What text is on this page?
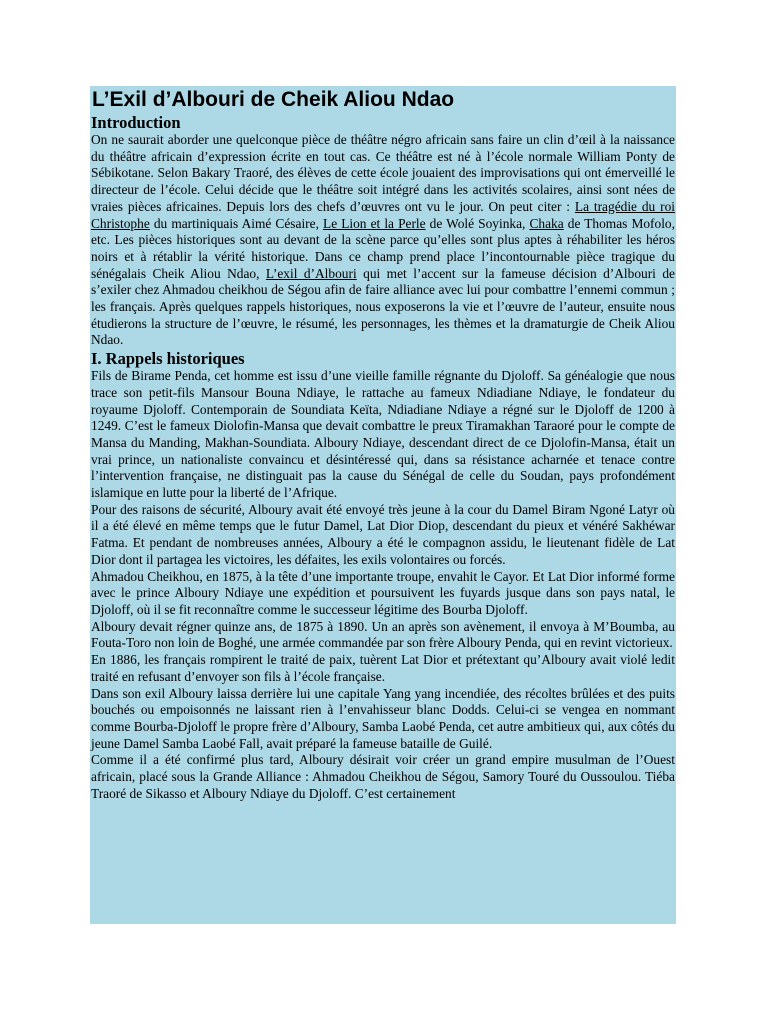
L’Exil d’Albouri de Cheik Aliou Ndao
Introduction

On ne saurait aborder une quelconque pièce de théâtre négro africain sans faire un clin d’œil à la naissance du théâtre africain d’expression écrite en tout cas. Ce théâtre est né à l’école normale William Ponty de Sébikotane. Selon Bakary Traoré, des élèves de cette école jouaient des improvisations qui ont émerveillé le directeur de l’école. Celui décide que le théâtre soit intégré dans les activités scolaires, ainsi sont nées de vraies pièces africaines. Depuis lors des chefs d’œuvres ont vu le jour. On peut citer : La tragédie du roi Christophe du martiniquais Aimé Césaire, Le Lion et la Perle de Wolé Soyinka, Chaka de Thomas Mofolo, etc. Les pièces historiques sont au devant de la scène parce qu’elles sont plus aptes à réhabiliter les héros noirs et à rétablir la vérité historique. Dans ce champ prend place l’incontournable pièce tragique du sénégalais Cheik Aliou Ndao, L’exil d’Albouri qui met l’accent sur la fameuse décision d’Albouri de s’exiler chez Ahmadou cheikhou de Ségou afin de faire alliance avec lui pour combattre l’ennemi commun ; les français. Après quelques rappels historiques, nous exposerons la vie et l’œuvre de l’auteur, ensuite nous étudierons la structure de l’œuvre, le résumé, les personnages, les thèmes et la dramaturgie de Cheik Aliou Ndao.

I. Rappels historiques

Fils de Birame Penda, cet homme est issu d’une vieille famille régnante du Djoloff. Sa généalogie que nous trace son petit-fils Mansour Bouna Ndiaye, le rattache au fameux Ndiadiane Ndiaye, le fondateur du royaume Djoloff. Contemporain de Soundiata Keïta, Ndiadiane Ndiaye a régné sur le Djoloff de 1200 à 1249. C’est le fameux Diolofin-Mansa que devait combattre le preux Tiramakhan Taraoré pour le compte de Mansa du Manding, Makhan-Soundiata. Alboury Ndiaye, descendant direct de ce Djolofin-Mansa, était un vrai prince, un nationaliste convaincu et désintéressé qui, dans sa résistance acharnée et tenace contre l’intervention française, ne distinguait pas la cause du Sénégal de celle du Soudan, pays profondément islamique en lutte pour la liberté de l’Afrique.

Pour des raisons de sécurité, Alboury avait été envoyé très jeune à la cour du Damel Biram Ngoné Latyr où il a été élevé en même temps que le futur Damel, Lat Dior Diop, descendant du pieux et vénéré Sakhéwar Fatma. Et pendant de nombreuses années, Alboury a été le compagnon assidu, le lieutenant fidèle de Lat Dior dont il partagea les victoires, les défaites, les exils volontaires ou forcés.

Ahmadou Cheikhou, en 1875, à la tête d’une importante troupe, envahit le Cayor. Et Lat Dior informé forme avec le prince Alboury Ndiaye une expédition et poursuivent les fuyards jusque dans son pays natal, le Djoloff, où il se fit reconnaître comme le successeur légitime des Bourba Djoloff.

Alboury devait régner quinze ans, de 1875 à 1890. Un an après son avènement, il envoya à M’Boumba, au Fouta-Toro non loin de Boghé, une armée commandée par son frère Alboury Penda, qui en revint victorieux.

En 1886, les français rompirent le traité de paix, tuèrent Lat Dior et prétextant qu’Alboury avait violé ledit traité en refusant d’envoyer son fils à l’école française.

Dans son exil Alboury laissa derrière lui une capitale Yang yang incendiée, des récoltes brûlées et des puits bouchés ou empoisonnés ne laissant rien à l’envahisseur blanc Dodds. Celui-ci se vengea en nommant comme Bourba-Djoloff le propre frère d’Alboury, Samba Laobé Penda, cet autre ambitieux qui, aux côtés du jeune Damel Samba Laobé Fall, avait préparé la fameuse bataille de Guilé.

Comme il a été confirmé plus tard, Alboury désirait voir créer un grand empire musulman de l’Ouest africain, placé sous la Grande Alliance : Ahmadou Cheikhou de Ségou, Samory Touré du Oussoulou. Tiéba Traoré de Sikasso et Alboury Ndiaye du Djoloff. C’est certainement
